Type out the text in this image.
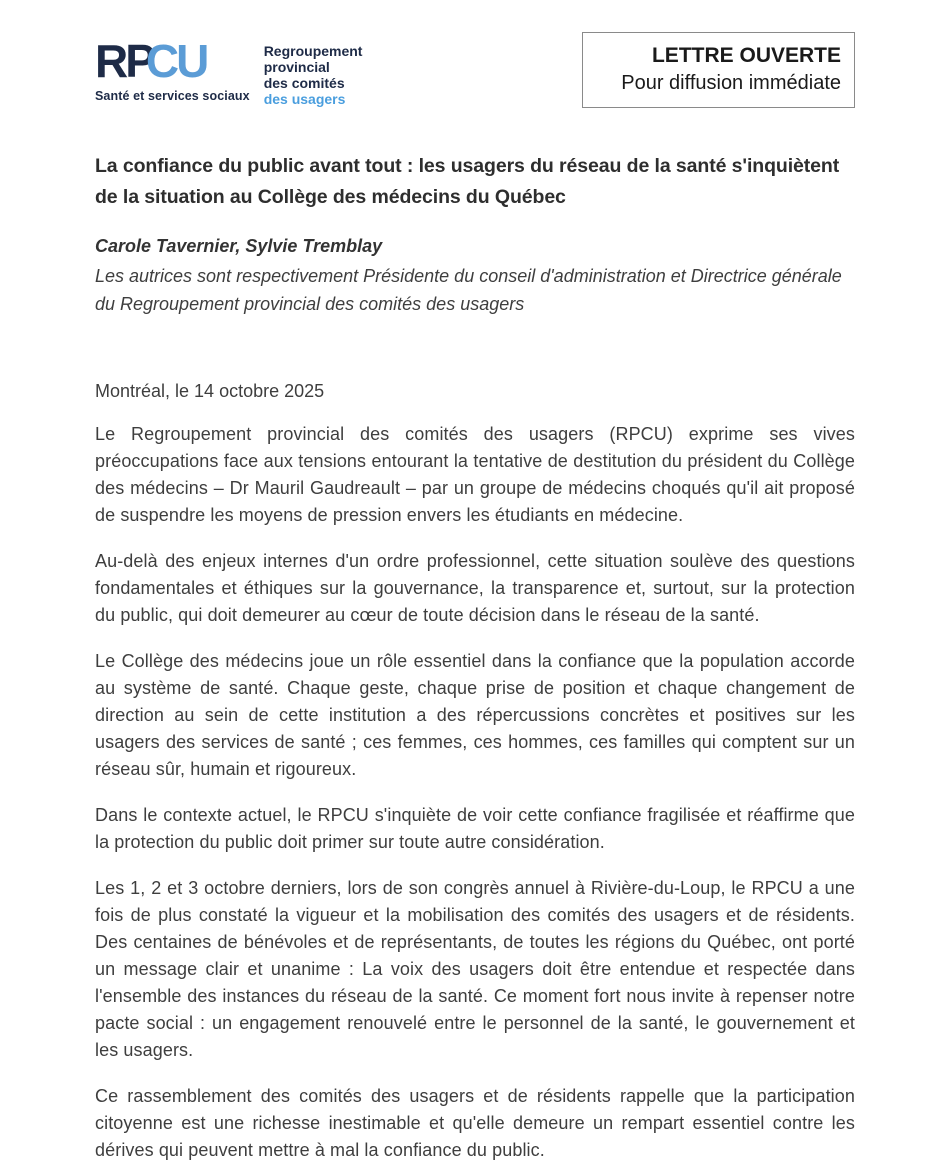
RPCU
Santé et services sociaux
Regroupement
provincial
des comités
des usagers
LETTRE OUVERTE
Pour diffusion immédiate
La confiance du public avant tout : les usagers du réseau de la santé s'inquiètent de la situation au Collège des médecins du Québec
Carole Tavernier, Sylvie Tremblay
Les autrices sont respectivement Présidente du conseil d'administration et Directrice générale du Regroupement provincial des comités des usagers
Montréal, le 14 octobre 2025

Le Regroupement provincial des comités des usagers (RPCU) exprime ses vives préoccupations face aux tensions entourant la tentative de destitution du président du Collège des médecins – Dr Mauril Gaudreault – par un groupe de médecins choqués qu'il ait proposé de suspendre les moyens de pression envers les étudiants en médecine.

Au-delà des enjeux internes d'un ordre professionnel, cette situation soulève des questions fondamentales et éthiques sur la gouvernance, la transparence et, surtout, sur la protection du public, qui doit demeurer au cœur de toute décision dans le réseau de la santé.

Le Collège des médecins joue un rôle essentiel dans la confiance que la population accorde au système de santé. Chaque geste, chaque prise de position et chaque changement de direction au sein de cette institution a des répercussions concrètes et positives sur les usagers des services de santé ; ces femmes, ces hommes, ces familles qui comptent sur un réseau sûr, humain et rigoureux.

Dans le contexte actuel, le RPCU s'inquiète de voir cette confiance fragilisée et réaffirme que la protection du public doit primer sur toute autre considération.

Les 1, 2 et 3 octobre derniers, lors de son congrès annuel à Rivière-du-Loup, le RPCU a une fois de plus constaté la vigueur et la mobilisation des comités des usagers et de résidents. Des centaines de bénévoles et de représentants, de toutes les régions du Québec, ont porté un message clair et unanime : La voix des usagers doit être entendue et respectée dans l'ensemble des instances du réseau de la santé. Ce moment fort nous invite à repenser notre pacte social : un engagement renouvelé entre le personnel de la santé, le gouvernement et les usagers.

Ce rassemblement des comités des usagers et de résidents rappelle que la participation citoyenne est une richesse inestimable et qu'elle demeure un rempart essentiel contre les dérives qui peuvent mettre à mal la confiance du public.
